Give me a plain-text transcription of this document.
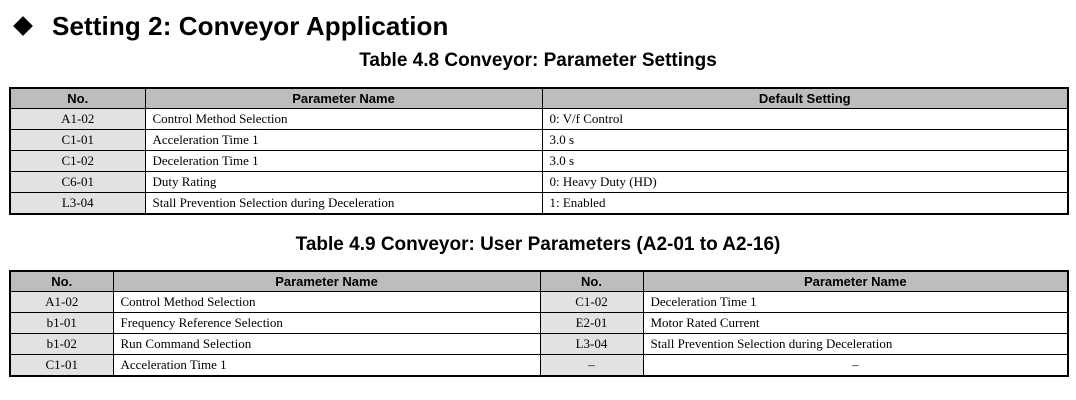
Setting 2: Conveyor Application
Table 4.8 Conveyor: Parameter Settings
No.	Parameter Name	Default Setting
A1-02	Control Method Selection	0: V/f Control
C1-01	Acceleration Time 1	3.0 s
C1-02	Deceleration Time 1	3.0 s
C6-01	Duty Rating	0: Heavy Duty (HD)
L3-04	Stall Prevention Selection during Deceleration	1: Enabled
Table 4.9 Conveyor: User Parameters (A2-01 to A2-16)
No.	Parameter Name	No.	Parameter Name
A1-02	Control Method Selection	C1-02	Deceleration Time 1
b1-01	Frequency Reference Selection	E2-01	Motor Rated Current
b1-02	Run Command Selection	L3-04	Stall Prevention Selection during Deceleration
C1-01	Acceleration Time 1	–	–
